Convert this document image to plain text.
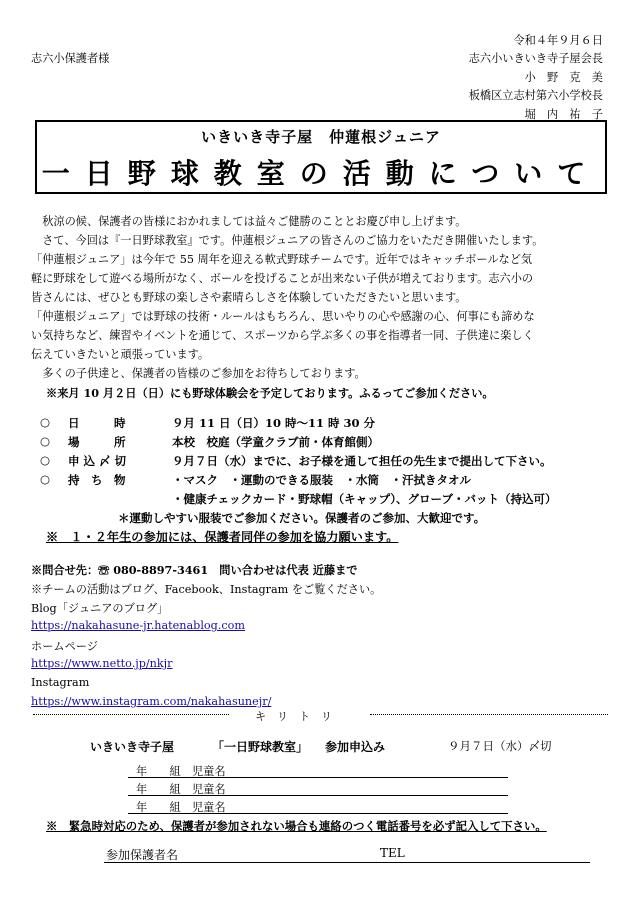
令和４年９月６日
志六小保護者様	志六小いきいき寺子屋会長
小　野　克　美
板橋区立志村第六小学校長
堀　内　祐　子
いきいき寺子屋　仲蓮根ジュニア
一日野球教室の活動について
　秋涼の候、保護者の皆様におかれましては益々ご健勝のこととお慶び申し上げます。
　さて、今回は『一日野球教室』です。仲蓮根ジュニアの皆さんのご協力をいただき開催いたします。
「仲蓮根ジュニア」は今年で 55 周年を迎える軟式野球チームです。近年ではキャッチボールなど気
軽に野球をして遊べる場所がなく、ボールを投げることが出来ない子供が増えております。志六小の
皆さんには、ぜひとも野球の楽しさや素晴らしさを体験していただきたいと思います。
「仲蓮根ジュニア」では野球の技術・ルールはもちろん、思いやりの心や感謝の心、何事にも諦めな
い気持ちなど、練習やイベントを通じて、スポーツから学ぶ多くの事を指導者一同、子供達に楽しく
伝えていきたいと頑張っています。
　多くの子供達と、保護者の皆様のご参加をお待ちしております。
※来月 10 月２日（日）にも野球体験会を予定しております。ふるってご参加ください。
○ 日　　　時	９月 11 日（日）10 時～11 時 30 分
○ 場　　　所	本校　校庭（学童クラブ前・体育館側）
○ 申 込 〆 切	９月７日（水）までに、お子様を通して担任の先生まで提出して下さい。
○ 持　ち　物	・マスク　・運動のできる服装　・水筒　・汗拭きタオル
・健康チェックカード・野球帽（キャップ）、グローブ・バット（持込可）
＊運動しやすい服装でご参加ください。保護者のご参加、大歓迎です。
※　１・２年生の参加には、保護者同伴の参加を協力願います。
※問合せ先：☏ 080-8897-3461　問い合わせは代表 近藤まで
※チームの活動はブログ、Facebook、Instagram をご覧ください。
Blog「ジュニアのブログ」
https://nakahasune-jr.hatenablog.com
ホームページ
https://www.netto.jp/nkjr
Instagram
https://www.instagram.com/nakahasunejr/
キ　リ　ト　リ
いきいき寺子屋	「一日野球教室」 参加申込み	９月７日（水）〆切
年　　組　児童名
年　　組　児童名
年　　組　児童名
※　緊急時対応のため、保護者が参加されない場合も連絡のつく電話番号を必ず記入して下さい。
参加保護者名	TEL
